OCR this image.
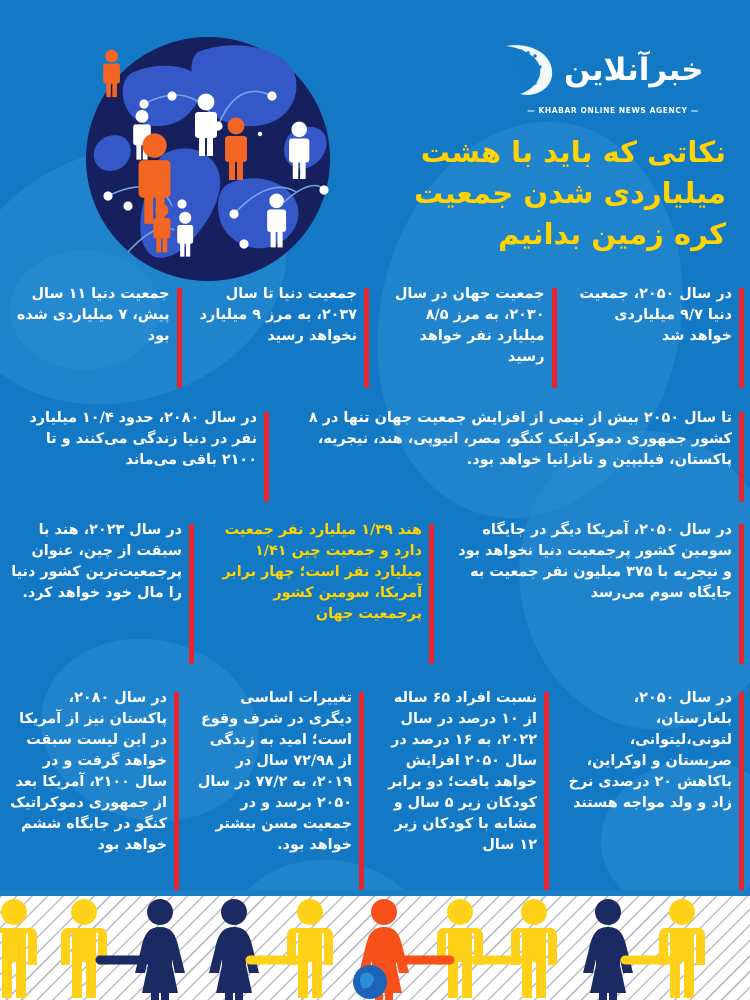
خبرآنلاین
— KHABAR ONLINE NEWS AGENCY —
نکاتی که باید با هشت میلیاردی شدن جمعیت کره زمین بدانیم
در سال ۲۰۵۰، جمعیت دنیا ۹/۷ میلیاردی خواهد شد
جمعیت جهان در سال ۲۰۳۰، به مرز ۸/۵ میلیارد نفر خواهد رسید
جمعیت دنیا تا سال ۲۰۳۷، به مرز ۹ میلیارد نخواهد رسید
جمعیت دنیا ۱۱ سال پیش، ۷ میلیاردی شده بود
تا سال ۲۰۵۰ بیش از نیمی از افزایش جمعیت جهان تنها در ۸ کشور جمهوری دموکراتیک کنگو، مصر، اتیوپی، هند، نیجریه، پاکستان، فیلیپین و تانزانیا خواهد بود.
در سال ۲۰۸۰، حدود ۱۰/۴ میلیارد نفر در دنیا زندگی می‌کنند و تا ۲۱۰۰ باقی می‌ماند
در سال ۲۰۵۰، آمریکا دیگر در جایگاه سومین کشور پرجمعیت دنیا نخواهد بود و نیجریه با ۳۷۵ میلیون نفر جمعیت به جایگاه سوم می‌رسد
هند ۱/۳۹ میلیارد نفر جمعیت دارد و جمعیت چین ۱/۴۱ میلیارد نفر است؛ چهار برابر آمریکا، سومین کشور پرجمعیت جهان
در سال ۲۰۲۳، هند با سبقت از چین، عنوان پرجمعیت‌ترین کشور دنیا را مال خود خواهد کرد.
در سال ۲۰۵۰، بلغارستان، لتونی،لیتوانی، صربستان و اوکراین، باکاهش ۲۰ درصدی نرخ زاد و ولد مواجه هستند
نسبت افراد ۶۵ ساله از ۱۰ درصد در سال ۲۰۲۲، به ۱۶ درصد در سال ۲۰۵۰ افزایش خواهد یافت؛ دو برابر کودکان زیر ۵ سال و مشابه با کودکان زیر ۱۲ سال
تغییرات اساسی دیگری در شرف وقوع است؛ امید به زندگی از ۷۲/۹۸ سال در ۲۰۱۹، به ۷۷/۲ در سال ۲۰۵۰ برسد و در جمعیت مسن بیشتر خواهد بود.
در سال ۲۰۸۰، پاکستان نیز از آمریکا در این لیست سبقت خواهد گرفت و در سال ۲۱۰۰، آمریکا بعد از جمهوری دموکراتیک کنگو در جایگاه ششم خواهد بود
